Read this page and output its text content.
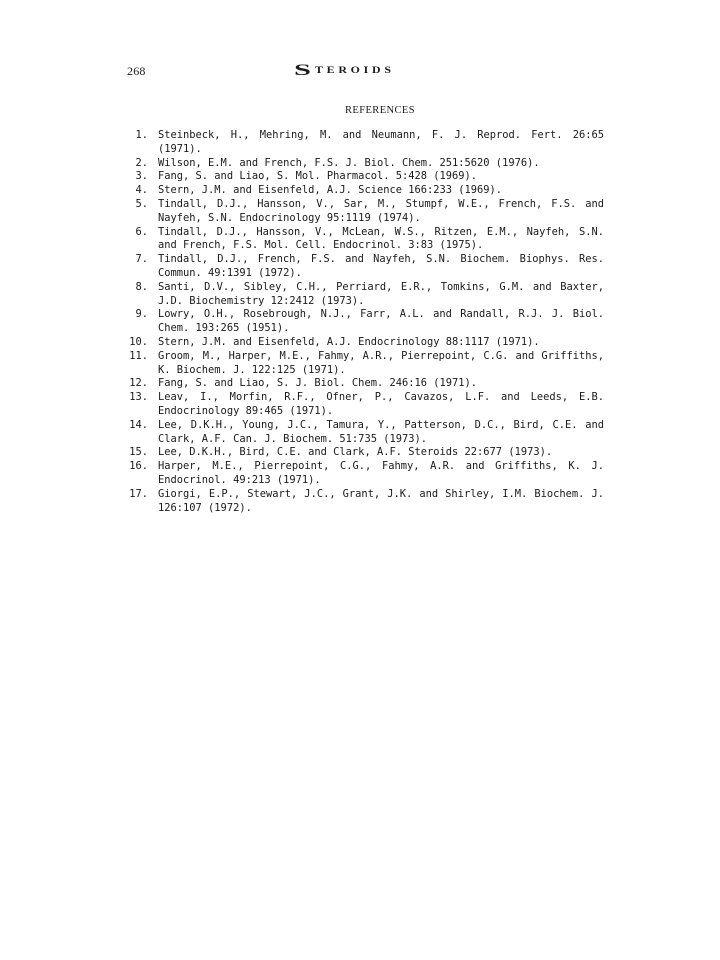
268	S TEROIDS
REFERENCES
1. Steinbeck, H., Mehring, M. and Neumann, F. J. Reprod. Fert. 26:65 (1971).
2. Wilson, E.M. and French, F.S. J. Biol. Chem. 251:5620 (1976).
3. Fang, S. and Liao, S. Mol. Pharmacol. 5:428 (1969).
4. Stern, J.M. and Eisenfeld, A.J. Science 166:233 (1969).
5. Tindall, D.J., Hansson, V., Sar, M., Stumpf, W.E., French, F.S. and Nayfeh, S.N. Endocrinology 95:1119 (1974).
6. Tindall, D.J., Hansson, V., McLean, W.S., Ritzen, E.M., Nayfeh, S.N. and French, F.S. Mol. Cell. Endocrinol. 3:83 (1975).
7. Tindall, D.J., French, F.S. and Nayfeh, S.N. Biochem. Biophys. Res. Commun. 49:1391 (1972).
8. Santi, D.V., Sibley, C.H., Perriard, E.R., Tomkins, G.M. and Baxter, J.D. Biochemistry 12:2412 (1973).
9. Lowry, O.H., Rosebrough, N.J., Farr, A.L. and Randall, R.J. J. Biol. Chem. 193:265 (1951).
10. Stern, J.M. and Eisenfeld, A.J. Endocrinology 88:1117 (1971).
11. Groom, M., Harper, M.E., Fahmy, A.R., Pierrepoint, C.G. and Griffiths, K. Biochem. J. 122:125 (1971).
12. Fang, S. and Liao, S. J. Biol. Chem. 246:16 (1971).
13. Leav, I., Morfin, R.F., Ofner, P., Cavazos, L.F. and Leeds, E.B. Endocrinology 89:465 (1971).
14. Lee, D.K.H., Young, J.C., Tamura, Y., Patterson, D.C., Bird, C.E. and Clark, A.F. Can. J. Biochem. 51:735 (1973).
15. Lee, D.K.H., Bird, C.E. and Clark, A.F. Steroids 22:677 (1973).
16. Harper, M.E., Pierrepoint, C.G., Fahmy, A.R. and Griffiths, K. J. Endocrinol. 49:213 (1971).
17. Giorgi, E.P., Stewart, J.C., Grant, J.K. and Shirley, I.M. Biochem. J. 126:107 (1972).
